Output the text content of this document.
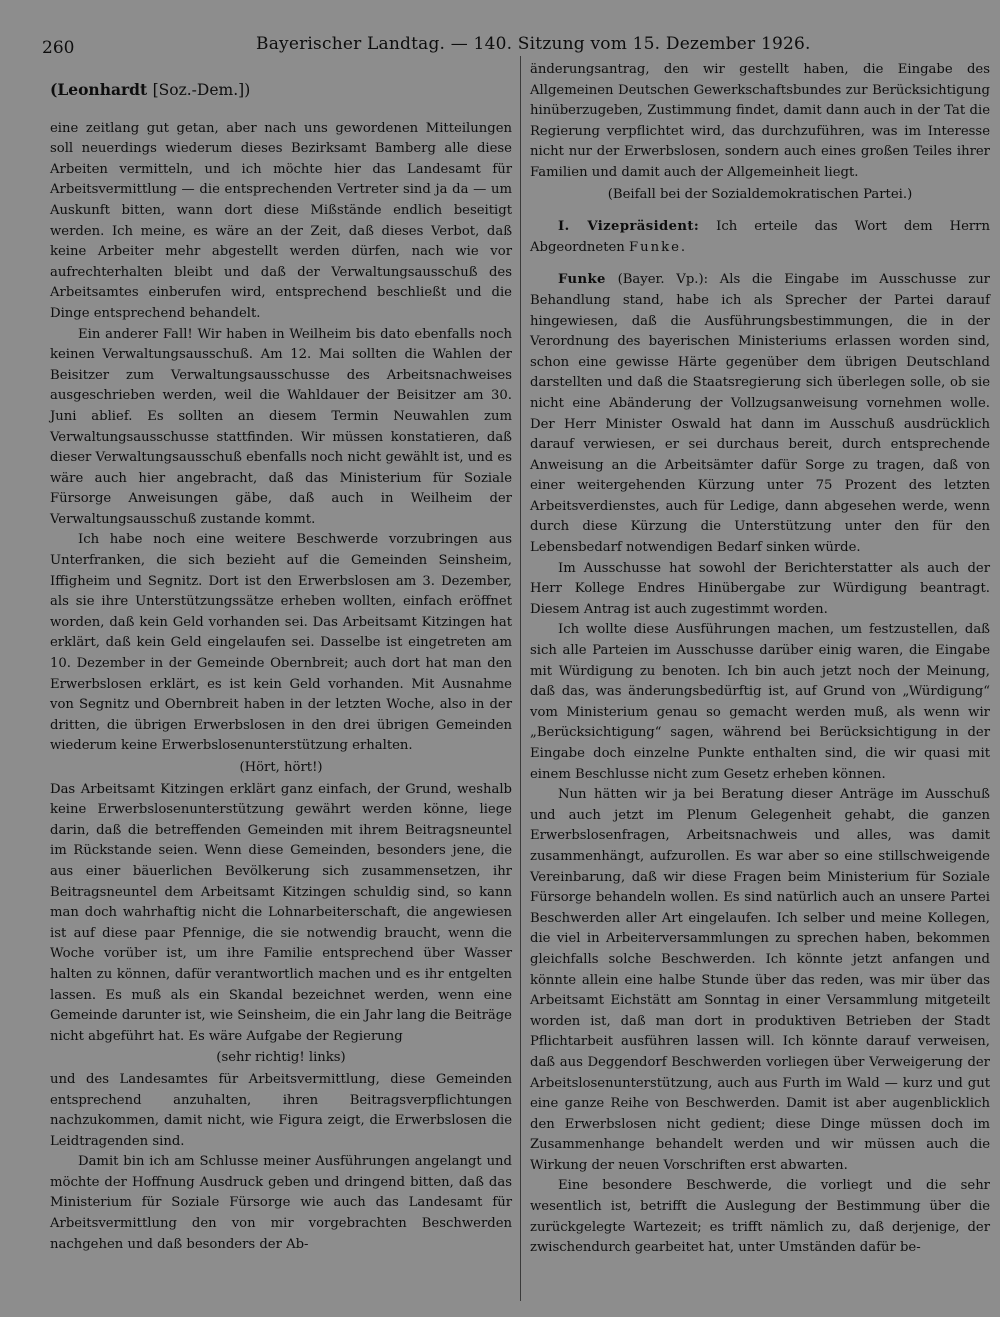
260	Bayerischer Landtag. — 140. Sitzung vom 15. Dezember 1926.
(Leonhardt [Soz.-Dem.])

eine zeitlang gut getan, aber nach uns gewordenen Mitteilungen soll neuerdings wiederum dieses Bezirksamt Bamberg alle diese Arbeiten vermitteln, und ich möchte hier das Landesamt für Arbeitsvermittlung — die entsprechenden Vertreter sind ja da — um Auskunft bitten, wann dort diese Mißstände endlich beseitigt werden. Ich meine, es wäre an der Zeit, daß dieses Verbot, daß keine Arbeiter mehr abgestellt werden dürfen, nach wie vor aufrechterhalten bleibt und daß der Verwaltungsausschuß des Arbeitsamtes einberufen wird, entsprechend beschließt und die Dinge entsprechend behandelt.

Ein anderer Fall! Wir haben in Weilheim bis dato ebenfalls noch keinen Verwaltungsausschuß. Am 12. Mai sollten die Wahlen der Beisitzer zum Verwaltungsausschusse des Arbeitsnachweises ausgeschrieben werden, weil die Wahldauer der Beisitzer am 30. Juni ablief. Es sollten an diesem Termin Neuwahlen zum Verwaltungsausschusse stattfinden. Wir müssen konstatieren, daß dieser Verwaltungsausschuß ebenfalls noch nicht gewählt ist, und es wäre auch hier angebracht, daß das Ministerium für Soziale Fürsorge Anweisungen gäbe, daß auch in Weilheim der Verwaltungsausschuß zustande kommt.

Ich habe noch eine weitere Beschwerde vorzubringen aus Unterfranken, die sich bezieht auf die Gemeinden Seinsheim, Iffigheim und Segnitz. Dort ist den Erwerbslosen am 3. Dezember, als sie ihre Unterstützungssätze erheben wollten, einfach eröffnet worden, daß kein Geld vorhanden sei. Das Arbeitsamt Kitzingen hat erklärt, daß kein Geld eingelaufen sei. Dasselbe ist eingetreten am 10. Dezember in der Gemeinde Obernbreit; auch dort hat man den Erwerbslosen erklärt, es ist kein Geld vorhanden. Mit Ausnahme von Segnitz und Obernbreit haben in der letzten Woche, also in der dritten, die übrigen Erwerbslosen in den drei übrigen Gemeinden wiederum keine Erwerbslosenunterstützung erhalten.

(Hört, hört!)

Das Arbeitsamt Kitzingen erklärt ganz einfach, der Grund, weshalb keine Erwerbslosenunterstützung gewährt werden könne, liege darin, daß die betreffenden Gemeinden mit ihrem Beitragsneuntel im Rückstande seien. Wenn diese Gemeinden, besonders jene, die aus einer bäuerlichen Bevölkerung sich zusammensetzen, ihr Beitragsneuntel dem Arbeitsamt Kitzingen schuldig sind, so kann man doch wahrhaftig nicht die Lohnarbeiterschaft, die angewiesen ist auf diese paar Pfennige, die sie notwendig braucht, wenn die Woche vorüber ist, um ihre Familie entsprechend über Wasser halten zu können, dafür verantwortlich machen und es ihr entgelten lassen. Es muß als ein Skandal bezeichnet werden, wenn eine Gemeinde darunter ist, wie Seinsheim, die ein Jahr lang die Beiträge nicht abgeführt hat. Es wäre Aufgabe der Regierung

(sehr richtig! links)

und des Landesamtes für Arbeitsvermittlung, diese Gemeinden entsprechend anzuhalten, ihren Beitragsverpflichtungen nachzukommen, damit nicht, wie Figura zeigt, die Erwerbslosen die Leidtragenden sind.

Damit bin ich am Schlusse meiner Ausführungen angelangt und möchte der Hoffnung Ausdruck geben und dringend bitten, daß das Ministerium für Soziale Fürsorge wie auch das Landesamt für Arbeitsvermittlung den von mir vorgebrachten Beschwerden nachgehen und daß besonders der Ab-

änderungsantrag, den wir gestellt haben, die Eingabe des Allgemeinen Deutschen Gewerkschaftsbundes zur Berücksichtigung hinüberzugeben, Zustimmung findet, damit dann auch in der Tat die Regierung verpflichtet wird, das durchzuführen, was im Interesse nicht nur der Erwerbslosen, sondern auch eines großen Teiles ihrer Familien und damit auch der Allgemeinheit liegt.

(Beifall bei der Sozialdemokratischen Partei.)

I. Vizepräsident: Ich erteile das Wort dem Herrn Abgeordneten Funke.

Funke (Bayer. Vp.): Als die Eingabe im Ausschusse zur Behandlung stand, habe ich als Sprecher der Partei darauf hingewiesen, daß die Ausführungsbestimmungen, die in der Verordnung des bayerischen Ministeriums erlassen worden sind, schon eine gewisse Härte gegenüber dem übrigen Deutschland darstellten und daß die Staatsregierung sich überlegen solle, ob sie nicht eine Abänderung der Vollzugsanweisung vornehmen wolle. Der Herr Minister Oswald hat dann im Ausschuß ausdrücklich darauf verwiesen, er sei durchaus bereit, durch entsprechende Anweisung an die Arbeitsämter dafür Sorge zu tragen, daß von einer weitergehenden Kürzung unter 75 Prozent des letzten Arbeitsverdienstes, auch für Ledige, dann abgesehen werde, wenn durch diese Kürzung die Unterstützung unter den für den Lebensbedarf notwendigen Bedarf sinken würde.

Im Ausschusse hat sowohl der Berichterstatter als auch der Herr Kollege Endres Hinübergabe zur Würdigung beantragt. Diesem Antrag ist auch zugestimmt worden.

Ich wollte diese Ausführungen machen, um festzustellen, daß sich alle Parteien im Ausschusse darüber einig waren, die Eingabe mit Würdigung zu benoten. Ich bin auch jetzt noch der Meinung, daß das, was änderungsbedürftig ist, auf Grund von „Würdigung“ vom Ministerium genau so gemacht werden muß, als wenn wir „Berücksichtigung“ sagen, während bei Berücksichtigung in der Eingabe doch einzelne Punkte enthalten sind, die wir quasi mit einem Beschlusse nicht zum Gesetz erheben können.

Nun hätten wir ja bei Beratung dieser Anträge im Ausschuß und auch jetzt im Plenum Gelegenheit gehabt, die ganzen Erwerbslosenfragen, Arbeitsnachweis und alles, was damit zusammenhängt, aufzurollen. Es war aber so eine stillschweigende Vereinbarung, daß wir diese Fragen beim Ministerium für Soziale Fürsorge behandeln wollen. Es sind natürlich auch an unsere Partei Beschwerden aller Art eingelaufen. Ich selber und meine Kollegen, die viel in Arbeiterversammlungen zu sprechen haben, bekommen gleichfalls solche Beschwerden. Ich könnte jetzt anfangen und könnte allein eine halbe Stunde über das reden, was mir über das Arbeitsamt Eichstätt am Sonntag in einer Versammlung mitgeteilt worden ist, daß man dort in produktiven Betrieben der Stadt Pflichtarbeit ausführen lassen will. Ich könnte darauf verweisen, daß aus Deggendorf Beschwerden vorliegen über Verweigerung der Arbeitslosenunterstützung, auch aus Furth im Wald — kurz und gut eine ganze Reihe von Beschwerden. Damit ist aber augenblicklich den Erwerbslosen nicht gedient; diese Dinge müssen doch im Zusammenhange behandelt werden und wir müssen auch die Wirkung der neuen Vorschriften erst abwarten.

Eine besondere Beschwerde, die vorliegt und die sehr wesentlich ist, betrifft die Auslegung der Bestimmung über die zurückgelegte Wartezeit; es trifft nämlich zu, daß derjenige, der zwischendurch gearbeitet hat, unter Umständen dafür be-
